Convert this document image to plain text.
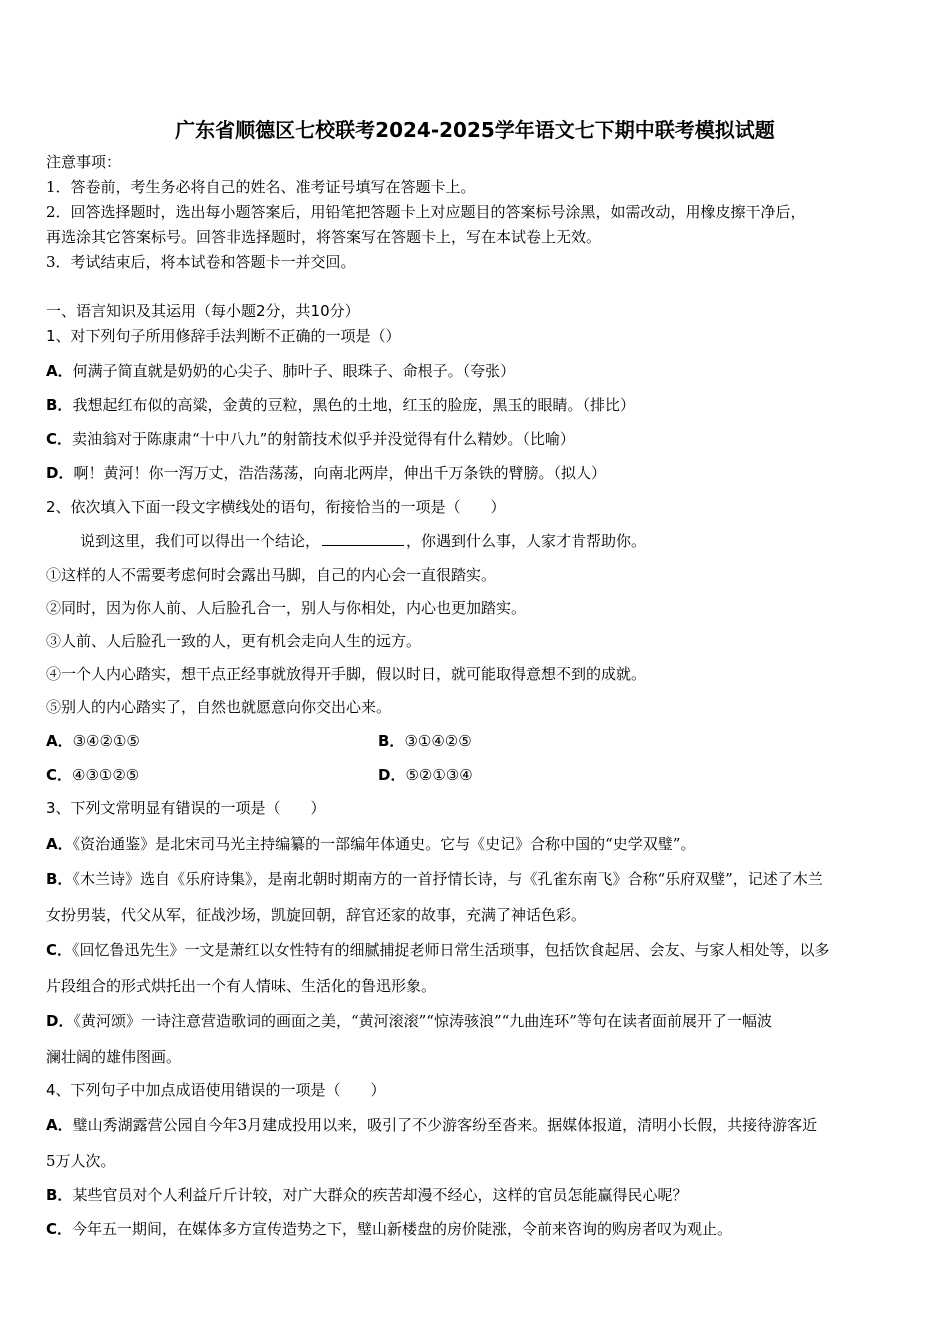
广东省顺德区七校联考2024-2025学年语文七下期中联考模拟试题
注意事项：
1．答卷前，考生务必将自己的姓名、准考证号填写在答题卡上。
2．回答选择题时，选出每小题答案后，用铅笔把答题卡上对应题目的答案标号涂黑，如需改动，用橡皮擦干净后，
再选涂其它答案标号。回答非选择题时，将答案写在答题卡上，写在本试卷上无效。
3．考试结束后，将本试卷和答题卡一并交回。
一、语言知识及其运用（每小题2分，共10分）
1、对下列句子所用修辞手法判断不正确的一项是（）
A．何满子简直就是奶奶的心尖子、肺叶子、眼珠子、命根子。（夸张）
B．我想起红布似的高粱，金黄的豆粒，黑色的土地，红玉的脸庞，黑玉的眼睛。（排比）
C．卖油翁对于陈康肃“十中八九”的射箭技术似乎并没觉得有什么精妙。（比喻）
D．啊！黄河！你一泻万丈，浩浩荡荡，向南北两岸，伸出千万条铁的臂膀。（拟人）
2、依次填入下面一段文字横线处的语句，衔接恰当的一项是（　　）
说到这里，我们可以得出一个结论，	，你遇到什么事，人家才肯帮助你。
①这样的人不需要考虑何时会露出马脚，自己的内心会一直很踏实。
②同时，因为你人前、人后脸孔合一，别人与你相处，内心也更加踏实。
③人前、人后脸孔一致的人，更有机会走向人生的远方。
④一个人内心踏实，想干点正经事就放得开手脚，假以时日，就可能取得意想不到的成就。
⑤别人的内心踏实了，自然也就愿意向你交出心来。
A．③④②①⑤	B．③①④②⑤
C．④③①②⑤	D．⑤②①③④
3、下列文常明显有错误的一项是（　　）
A．《资治通鉴》是北宋司马光主持编纂的一部编年体通史。它与《史记》合称中国的“史学双璧”。
B．《木兰诗》选自《乐府诗集》，是南北朝时期南方的一首抒情长诗，与《孔雀东南飞》合称“乐府双璧”，记述了木兰
女扮男装，代父从军，征战沙场，凯旋回朝，辞官还家的故事，充满了神话色彩。
C．《回忆鲁迅先生》一文是萧红以女性特有的细腻捕捉老师日常生活琐事，包括饮食起居、会友、与家人相处等，以多
片段组合的形式烘托出一个有人情味、生活化的鲁迅形象。
D．《黄河颂》一诗注意营造歌词的画面之美，“黄河滚滚”“惊涛骇浪”“九曲连环”等句在读者面前展开了一幅波
澜壮阔的雄伟图画。
4、下列句子中加点成语使用错误的一项是（　　）
A．璧山秀湖露营公园自今年3月建成投用以来，吸引了不少游客纷至沓来。据媒体报道，清明小长假，共接待游客近
5万人次。
B．某些官员对个人利益斤斤计较，对广大群众的疾苦却漫不经心，这样的官员怎能赢得民心呢？
C．今年五一期间，在媒体多方宣传造势之下，璧山新楼盘的房价陡涨，令前来咨询的购房者叹为观止。
